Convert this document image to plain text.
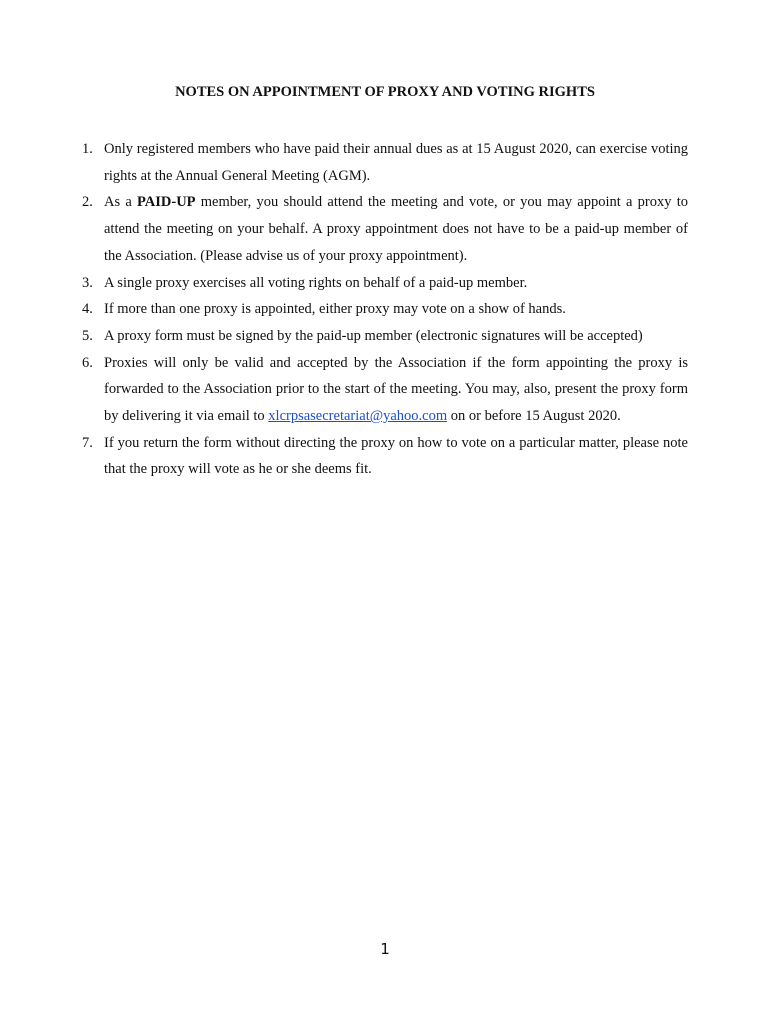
NOTES ON APPOINTMENT OF PROXY AND VOTING RIGHTS
1. Only registered members who have paid their annual dues as at 15 August 2020, can exercise voting rights at the Annual General Meeting (AGM).
2. As a PAID-UP member, you should attend the meeting and vote, or you may appoint a proxy to attend the meeting on your behalf. A proxy appointment does not have to be a paid-up member of the Association. (Please advise us of your proxy appointment).
3. A single proxy exercises all voting rights on behalf of a paid-up member.
4. If more than one proxy is appointed, either proxy may vote on a show of hands.
5. A proxy form must be signed by the paid-up member (electronic signatures will be accepted)
6. Proxies will only be valid and accepted by the Association if the form appointing the proxy is forwarded to the Association prior to the start of the meeting. You may, also, present the proxy form by delivering it via email to xlcrpsasecretariat@yahoo.com on or before 15 August 2020.
7. If you return the form without directing the proxy on how to vote on a particular matter, please note that the proxy will vote as he or she deems fit.
1
